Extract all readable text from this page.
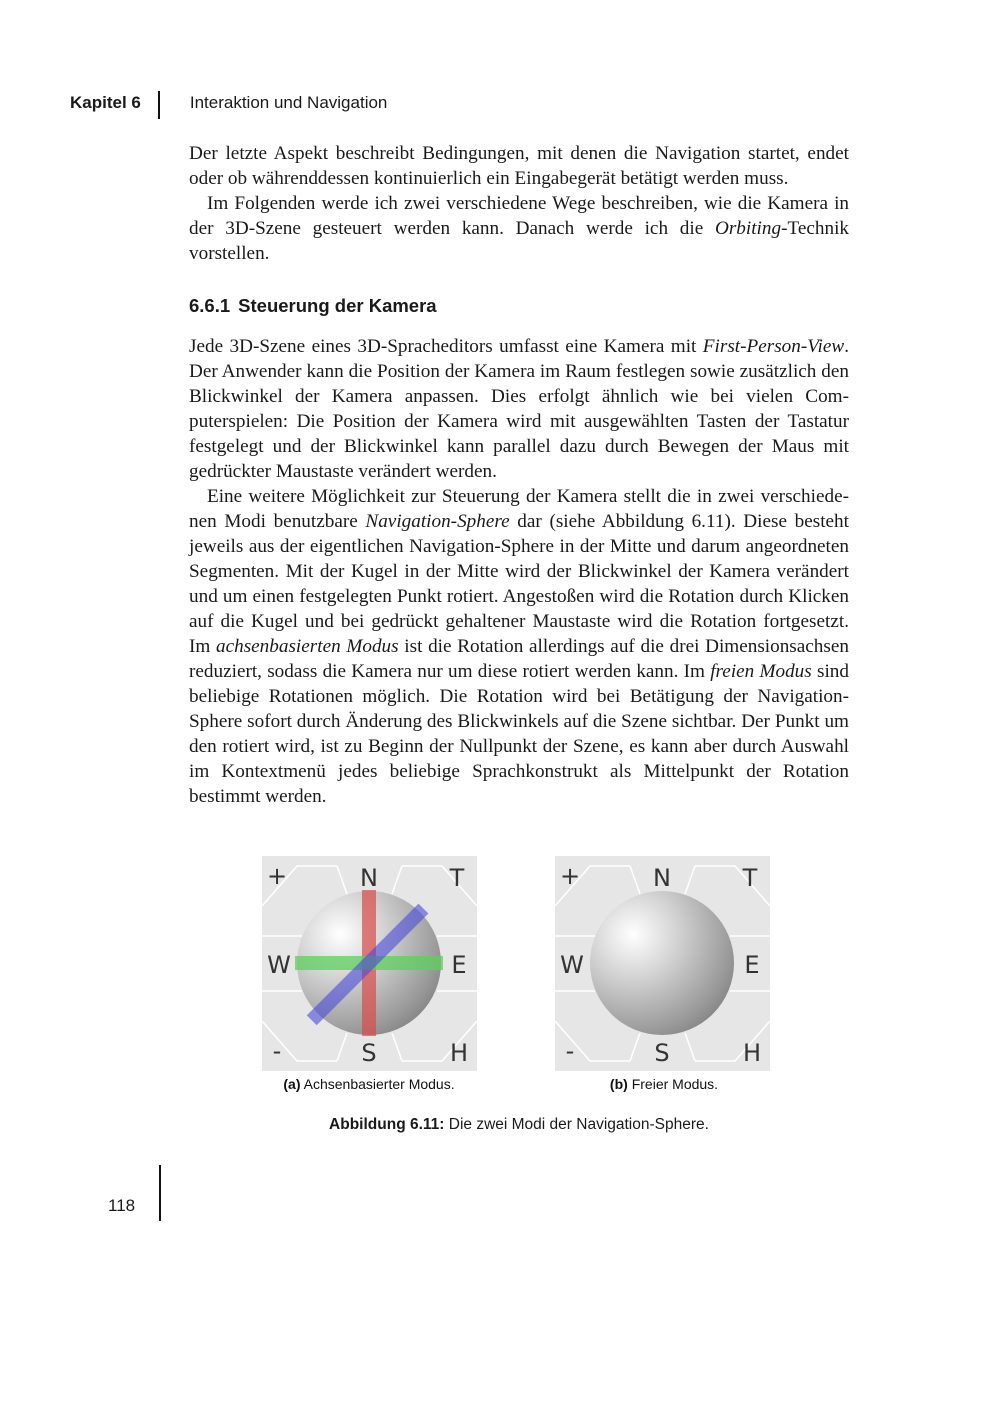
Kapitel 6	Interaktion und Navigation

Der letzte Aspekt beschreibt Bedingungen, mit denen die Navigation startet, endet oder ob währenddessen kontinuierlich ein Eingabegerät betätigt werden muss.

Im Folgenden werde ich zwei verschiedene Wege beschreiben, wie die Kamera in der 3D-Szene gesteuert werden kann. Danach werde ich die Orbiting-Technik vorstellen.

6.6.1 Steuerung der Kamera

Jede 3D-Szene eines 3D-Spracheditors umfasst eine Kamera mit First-Person-View. Der Anwender kann die Position der Kamera im Raum festlegen sowie zusätzlich den Blickwinkel der Kamera anpassen. Dies erfolgt ähnlich wie bei vielen Computerspielen: Die Position der Kamera wird mit ausgewählten Tasten der Tastatur festgelegt und der Blickwinkel kann parallel dazu durch Bewegen der Maus mit gedrückter Maustaste verändert werden.

Eine weitere Möglichkeit zur Steuerung der Kamera stellt die in zwei verschiedenen Modi benutzbare Navigation-Sphere dar (siehe Abbildung 6.11). Diese besteht jeweils aus der eigentlichen Navigation-Sphere in der Mitte und darum angeordneten Segmenten. Mit der Kugel in der Mitte wird der Blickwinkel der Kamera verändert und um einen festgelegten Punkt rotiert. Angestoßen wird die Rotation durch Klicken auf die Kugel und bei gedrückt gehaltener Maustaste wird die Rotation fortgesetzt. Im achsenbasierten Modus ist die Rotation allerdings auf die drei Dimensionsachsen reduziert, sodass die Kamera nur um diese rotiert werden kann. Im freien Modus sind beliebige Rotationen möglich. Die Rotation wird bei Betätigung der Navigation-Sphere sofort durch Änderung des Blickwinkels auf die Szene sichtbar. Der Punkt um den rotiert wird, ist zu Beginn der Nullpunkt der Szene, es kann aber durch Auswahl im Kontextmenü jedes beliebige Sprachkonstrukt als Mittelpunkt der Rotation bestimmt werden.

+	N	T
W	E
-	S	H
(a) Achsenbasierter Modus.
+	N	T
W	E
-	S	H
(b) Freier Modus.
Abbildung 6.11: Die zwei Modi der Navigation-Sphere.
118
